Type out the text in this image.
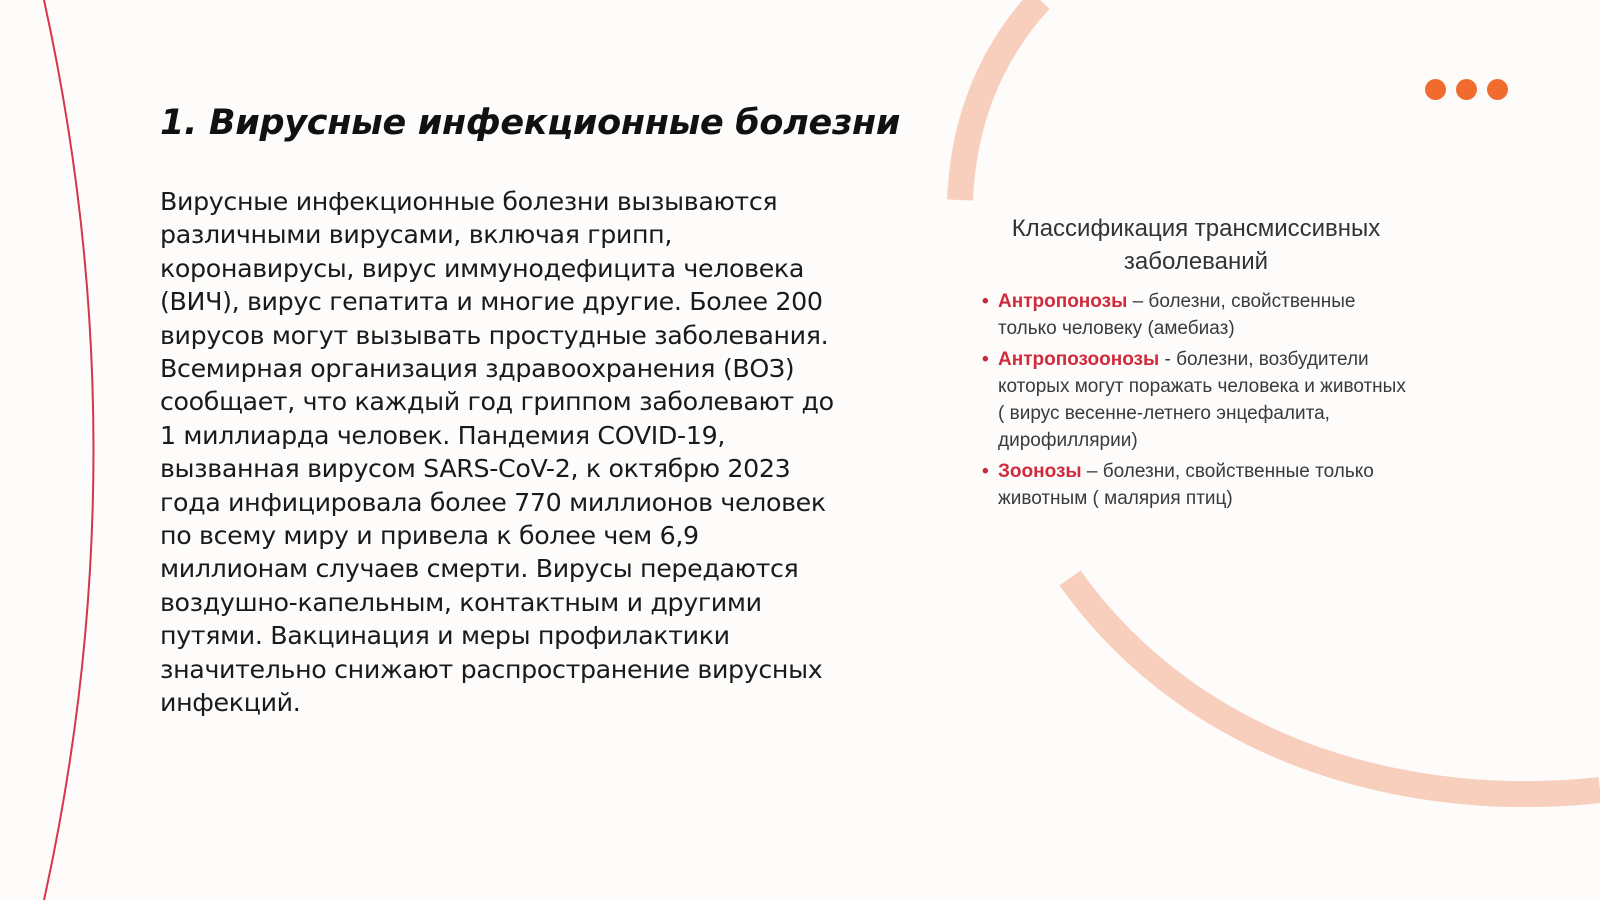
1. Вирусные инфекционные болезни

Вирусные инфекционные болезни вызываются различными вирусами, включая грипп, коронавирусы, вирус иммунодефицита человека (ВИЧ), вирус гепатита и многие другие. Более 200 вирусов могут вызывать простудные заболевания. Всемирная организация здравоохранения (ВОЗ) сообщает, что каждый год гриппом заболевают до 1 миллиарда человек. Пандемия COVID-19, вызванная вирусом SARS-CoV-2, к октябрю 2023 года инфицировала более 770 миллионов человек по всему миру и привела к более чем 6,9 миллионам случаев смерти. Вирусы передаются воздушно-капельным, контактным и другими путями. Вакцинация и меры профилактики значительно снижают распространение вирусных инфекций.

Классификация трансмиссивных
заболеваний
• Антропонозы – болезни, свойственные только человеку (амебиаз)
• Антропозоонозы - болезни, возбудители которых могут поражать человека и животных ( вирус весенне-летнего энцефалита, дирофиллярии)
• Зоонозы – болезни, свойственные только животным ( малярия птиц)
